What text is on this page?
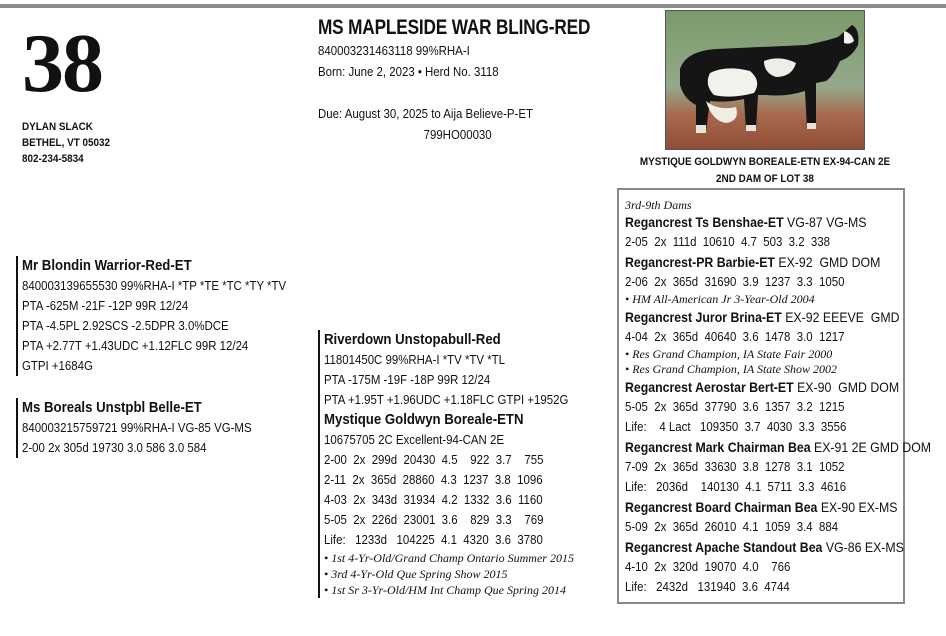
38
DYLAN SLACK
BETHEL, VT 05032
802-234-5834
MS MAPLESIDE WAR BLING-RED
840003231463118 99%RHA-I
Born: June 2, 2023 • Herd No. 3118
Due: August 30, 2025 to Aija Believe-P-ET
799HO00030
MYSTIQUE GOLDWYN BOREALE-ETN EX-94-CAN 2E
2ND DAM OF LOT 38
Mr Blondin Warrior-Red-ET
840003139655530 99%RHA-I *TP *TE *TC *TY *TV
PTA -625M -21F -12P 99R 12/24
PTA -4.5PL 2.92SCS -2.5DPR 3.0%DCE
PTA +2.77T +1.43UDC +1.12FLC 99R 12/24
GTPI +1684G
Ms Boreals Unstpbl Belle-ET
840003215759721 99%RHA-I VG-85 VG-MS
2-00 2x 305d 19730 3.0 586 3.0 584
Riverdown Unstopabull-Red
11801450C 99%RHA-I *TV *TV *TL
PTA -175M -19F -18P 99R 12/24
PTA +1.95T +1.96UDC +1.18FLC GTPI +1952G
Mystique Goldwyn Boreale-ETN
10675705 2C Excellent-94-CAN 2E
2-00  2x  299d  20430  4.5    922  3.7    755
2-11  2x  365d  28860  4.3  1237  3.8  1096
4-03  2x  343d  31934  4.2  1332  3.6  1160
5-05  2x  226d  23001  3.6    829  3.3    769
Life:   1233d   104225  4.1  4320  3.6  3780
• 1st 4-Yr-Old/Grand Champ Ontario Summer 2015
• 3rd 4-Yr-Old Que Spring Show 2015
• 1st Sr 3-Yr-Old/HM Int Champ Que Spring 2014
3rd-9th Dams
Regancrest Ts Benshae-ET VG-87 VG-MS
2-05  2x  111d  10610  4.7  503  3.2  338
Regancrest-PR Barbie-ET EX-92  GMD DOM
2-06  2x  365d  31690  3.9  1237  3.3  1050
• HM All-American Jr 3-Year-Old 2004
Regancrest Juror Brina-ET EX-92 EEEVE  GMD
4-04  2x  365d  40640  3.6  1478  3.0  1217
• Res Grand Champion, IA State Fair 2000
• Res Grand Champion, IA State Show 2002
Regancrest Aerostar Bert-ET EX-90  GMD DOM
5-05  2x  365d  37790  3.6  1357  3.2  1215
Life:    4 Lact   109350  3.7  4030  3.3  3556
Regancrest Mark Chairman Bea EX-91 2E GMD DOM
7-09  2x  365d  33630  3.8  1278  3.1  1052
Life:   2036d    140130  4.1  5711  3.3  4616
Regancrest Board Chairman Bea EX-90 EX-MS
5-09  2x  365d  26010  4.1  1059  3.4  884
Regancrest Apache Standout Bea VG-86 EX-MS
4-10  2x  320d  19070  4.0    766
Life:   2432d   131940  3.6  4744
